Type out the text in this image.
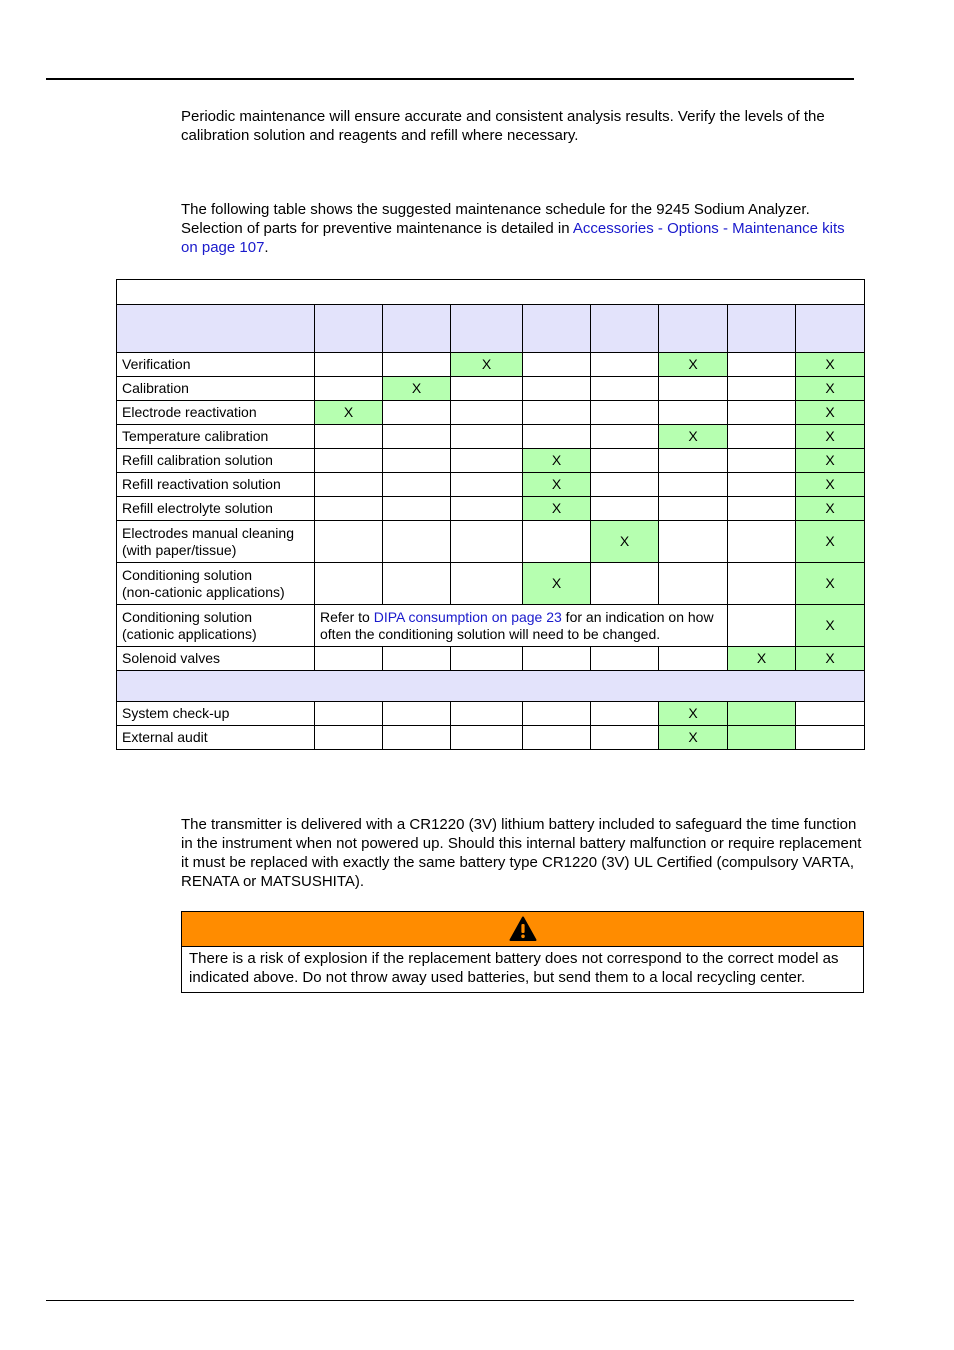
Periodic maintenance will ensure accurate and consistent analysis results. Verify the levels of the calibration solution and reagents and refill where necessary.

The following table shows the suggested maintenance schedule for the 9245 Sodium Analyzer. Selection of parts for preventive maintenance is detailed in Accessories - Options - Maintenance kits on page 107.

Verification			X			X		X
Calibration		X						X
Electrode reactivation	X							X
Temperature calibration						X		X
Refill calibration solution				X				X
Refill reactivation solution				X				X
Refill electrolyte solution				X				X
Electrodes manual cleaning
(with paper/tissue)					X			X
Conditioning solution
(non-cationic applications)				X				X
Conditioning solution
(cationic applications)	Refer to DIPA consumption on page 23 for an indication on how often the conditioning solution will need to be changed.							X
Solenoid valves							X	X

System check-up						X		
External audit						X		

The transmitter is delivered with a CR1220 (3V) lithium battery included to safeguard the time function in the instrument when not powered up. Should this internal battery malfunction or require replacement it must be replaced with exactly the same battery type CR1220 (3V) UL Certified (compulsory VARTA, RENATA or MATSUSHITA).

There is a risk of explosion if the replacement battery does not correspond to the correct model as indicated above. Do not throw away used batteries, but send them to a local recycling center.
